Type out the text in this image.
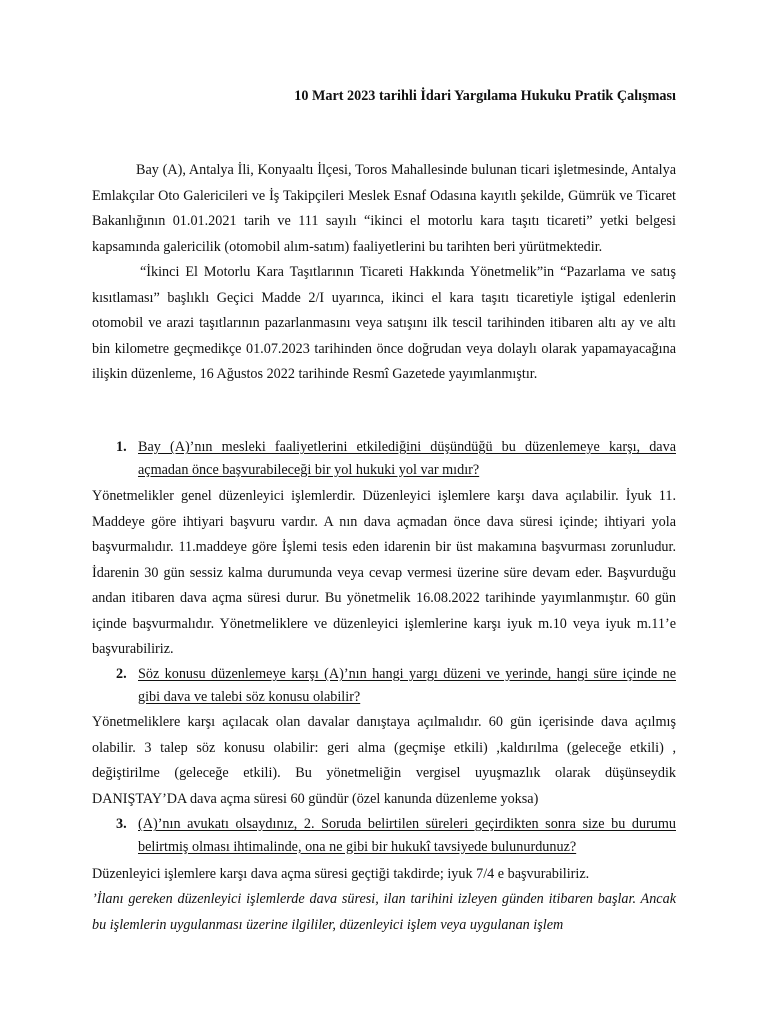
10 Mart 2023 tarihli İdari Yargılama Hukuku Pratik Çalışması

Bay (A), Antalya İli, Konyaaltı İlçesi, Toros Mahallesinde bulunan ticari işletmesinde, Antalya Emlakçılar Oto Galericileri ve İş Takipçileri Meslek Esnaf Odasına kayıtlı şekilde, Gümrük ve Ticaret Bakanlığının 01.01.2021 tarih ve 111 sayılı “ikinci el motorlu kara taşıtı ticareti” yetki belgesi kapsamında galericilik (otomobil alım-satım) faaliyetlerini bu tarihten beri yürütmektedir.

“İkinci El Motorlu Kara Taşıtlarının Ticareti Hakkında Yönetmelik”in “Pazarlama ve satış kısıtlaması” başlıklı Geçici Madde 2/I uyarınca, ikinci el kara taşıtı ticaretiyle iştigal edenlerin otomobil ve arazi taşıtlarının pazarlanmasını veya satışını ilk tescil tarihinden itibaren altı ay ve altı bin kilometre geçmedikçe 01.07.2023 tarihinden önce doğrudan veya dolaylı olarak yapamayacağına ilişkin düzenleme, 16 Ağustos 2022 tarihinde Resmî Gazetede yayımlanmıştır.

1. Bay (A)’nın mesleki faaliyetlerini etkilediğini düşündüğü bu düzenlemeye karşı, dava açmadan önce başvurabileceği bir yol hukuki yol var mıdır?

Yönetmelikler genel düzenleyici işlemlerdir. Düzenleyici işlemlere karşı dava açılabilir. İyuk 11. Maddeye göre ihtiyari başvuru vardır. A nın dava açmadan önce dava süresi içinde; ihtiyari yola başvurmalıdır. 11.maddeye göre İşlemi tesis eden idarenin bir üst makamına başvurması zorunludur. İdarenin 30 gün sessiz kalma durumunda veya cevap vermesi üzerine süre devam eder. Başvurduğu andan itibaren dava açma süresi durur. Bu yönetmelik 16.08.2022 tarihinde yayımlanmıştır. 60 gün içinde başvurmalıdır. Yönetmeliklere ve düzenleyici işlemlerine karşı iyuk m.10 veya iyuk m.11’e başvurabiliriz.

2. Söz konusu düzenlemeye karşı (A)’nın hangi yargı düzeni ve yerinde, hangi süre içinde ne gibi dava ve talebi söz konusu olabilir?

Yönetmeliklere karşı açılacak olan davalar danıştaya açılmalıdır. 60 gün içerisinde dava açılmış olabilir. 3 talep söz konusu olabilir: geri alma (geçmişe etkili) ,kaldırılma (geleceğe etkili) , değiştirilme (geleceğe etkili). Bu yönetmeliğin vergisel uyuşmazlık olarak düşünseydik DANIŞTAY’DA dava açma süresi 60 gündür (özel kanunda düzenleme yoksa)

3. (A)’nın avukatı olsaydınız, 2. Soruda belirtilen süreleri geçirdikten sonra size bu durumu belirtmiş olması ihtimalinde, ona ne gibi bir hukukî tavsiyede bulunurdunuz?

Düzenleyici işlemlere karşı dava açma süresi geçtiği takdirde; iyuk 7/4 e başvurabiliriz.

’İlanı gereken düzenleyici işlemlerde dava süresi, ilan tarihini izleyen günden itibaren başlar. Ancak bu işlemlerin uygulanması üzerine ilgililer, düzenleyici işlem veya uygulanan işlem
